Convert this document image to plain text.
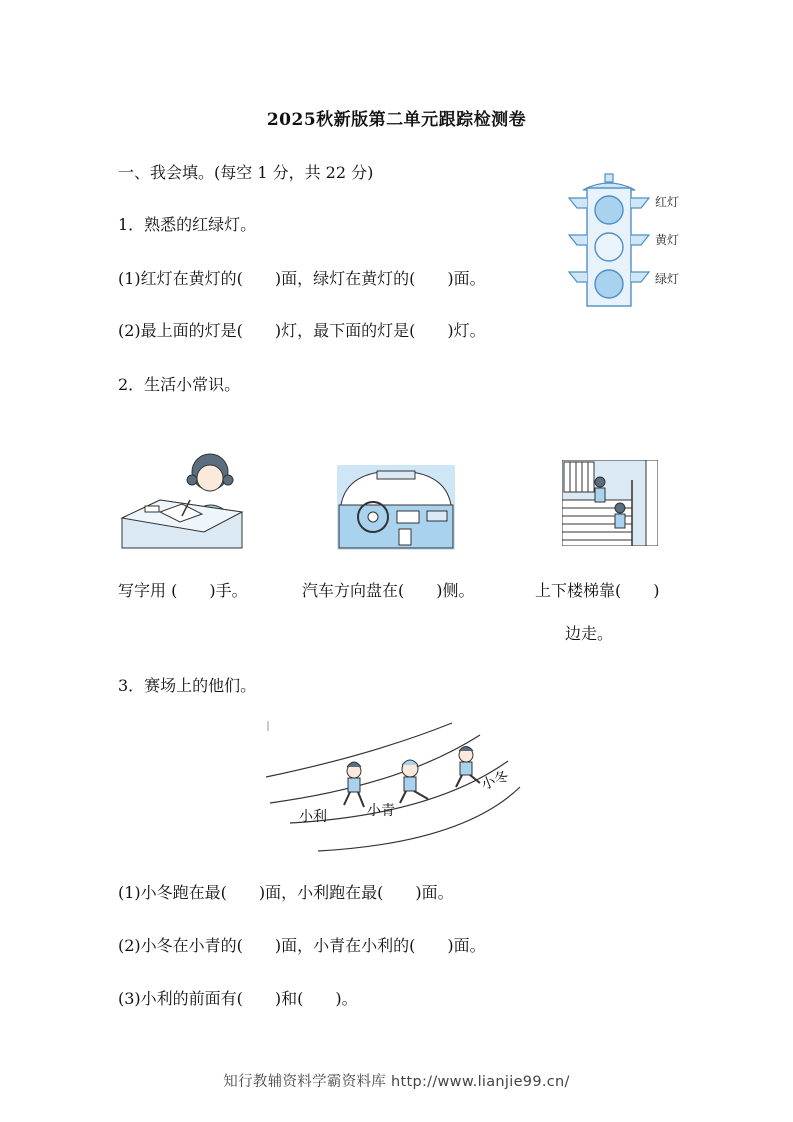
2025秋新版第二单元跟踪检测卷
一、我会填。(每空 1 分，共 22 分)
1．熟悉的红绿灯。
(1)红灯在黄灯的(　　)面，绿灯在黄灯的(　　)面。
(2)最上面的灯是(　　)灯，最下面的灯是(　　)灯。
红灯
黄灯
绿灯
2．生活小常识。
写字用 (　　)手。	汽车方向盘在(　　)侧。	上下楼梯靠(　　)
边走。
3．赛场上的他们。
小利	小青
小冬
(1)小冬跑在最(　　)面，小利跑在最(　　)面。
(2)小冬在小青的(　　)面，小青在小利的(　　)面。
(3)小利的前面有(　　)和(　　)。
知行教辅资料学霸资料库 http://www.lianjie99.cn/
